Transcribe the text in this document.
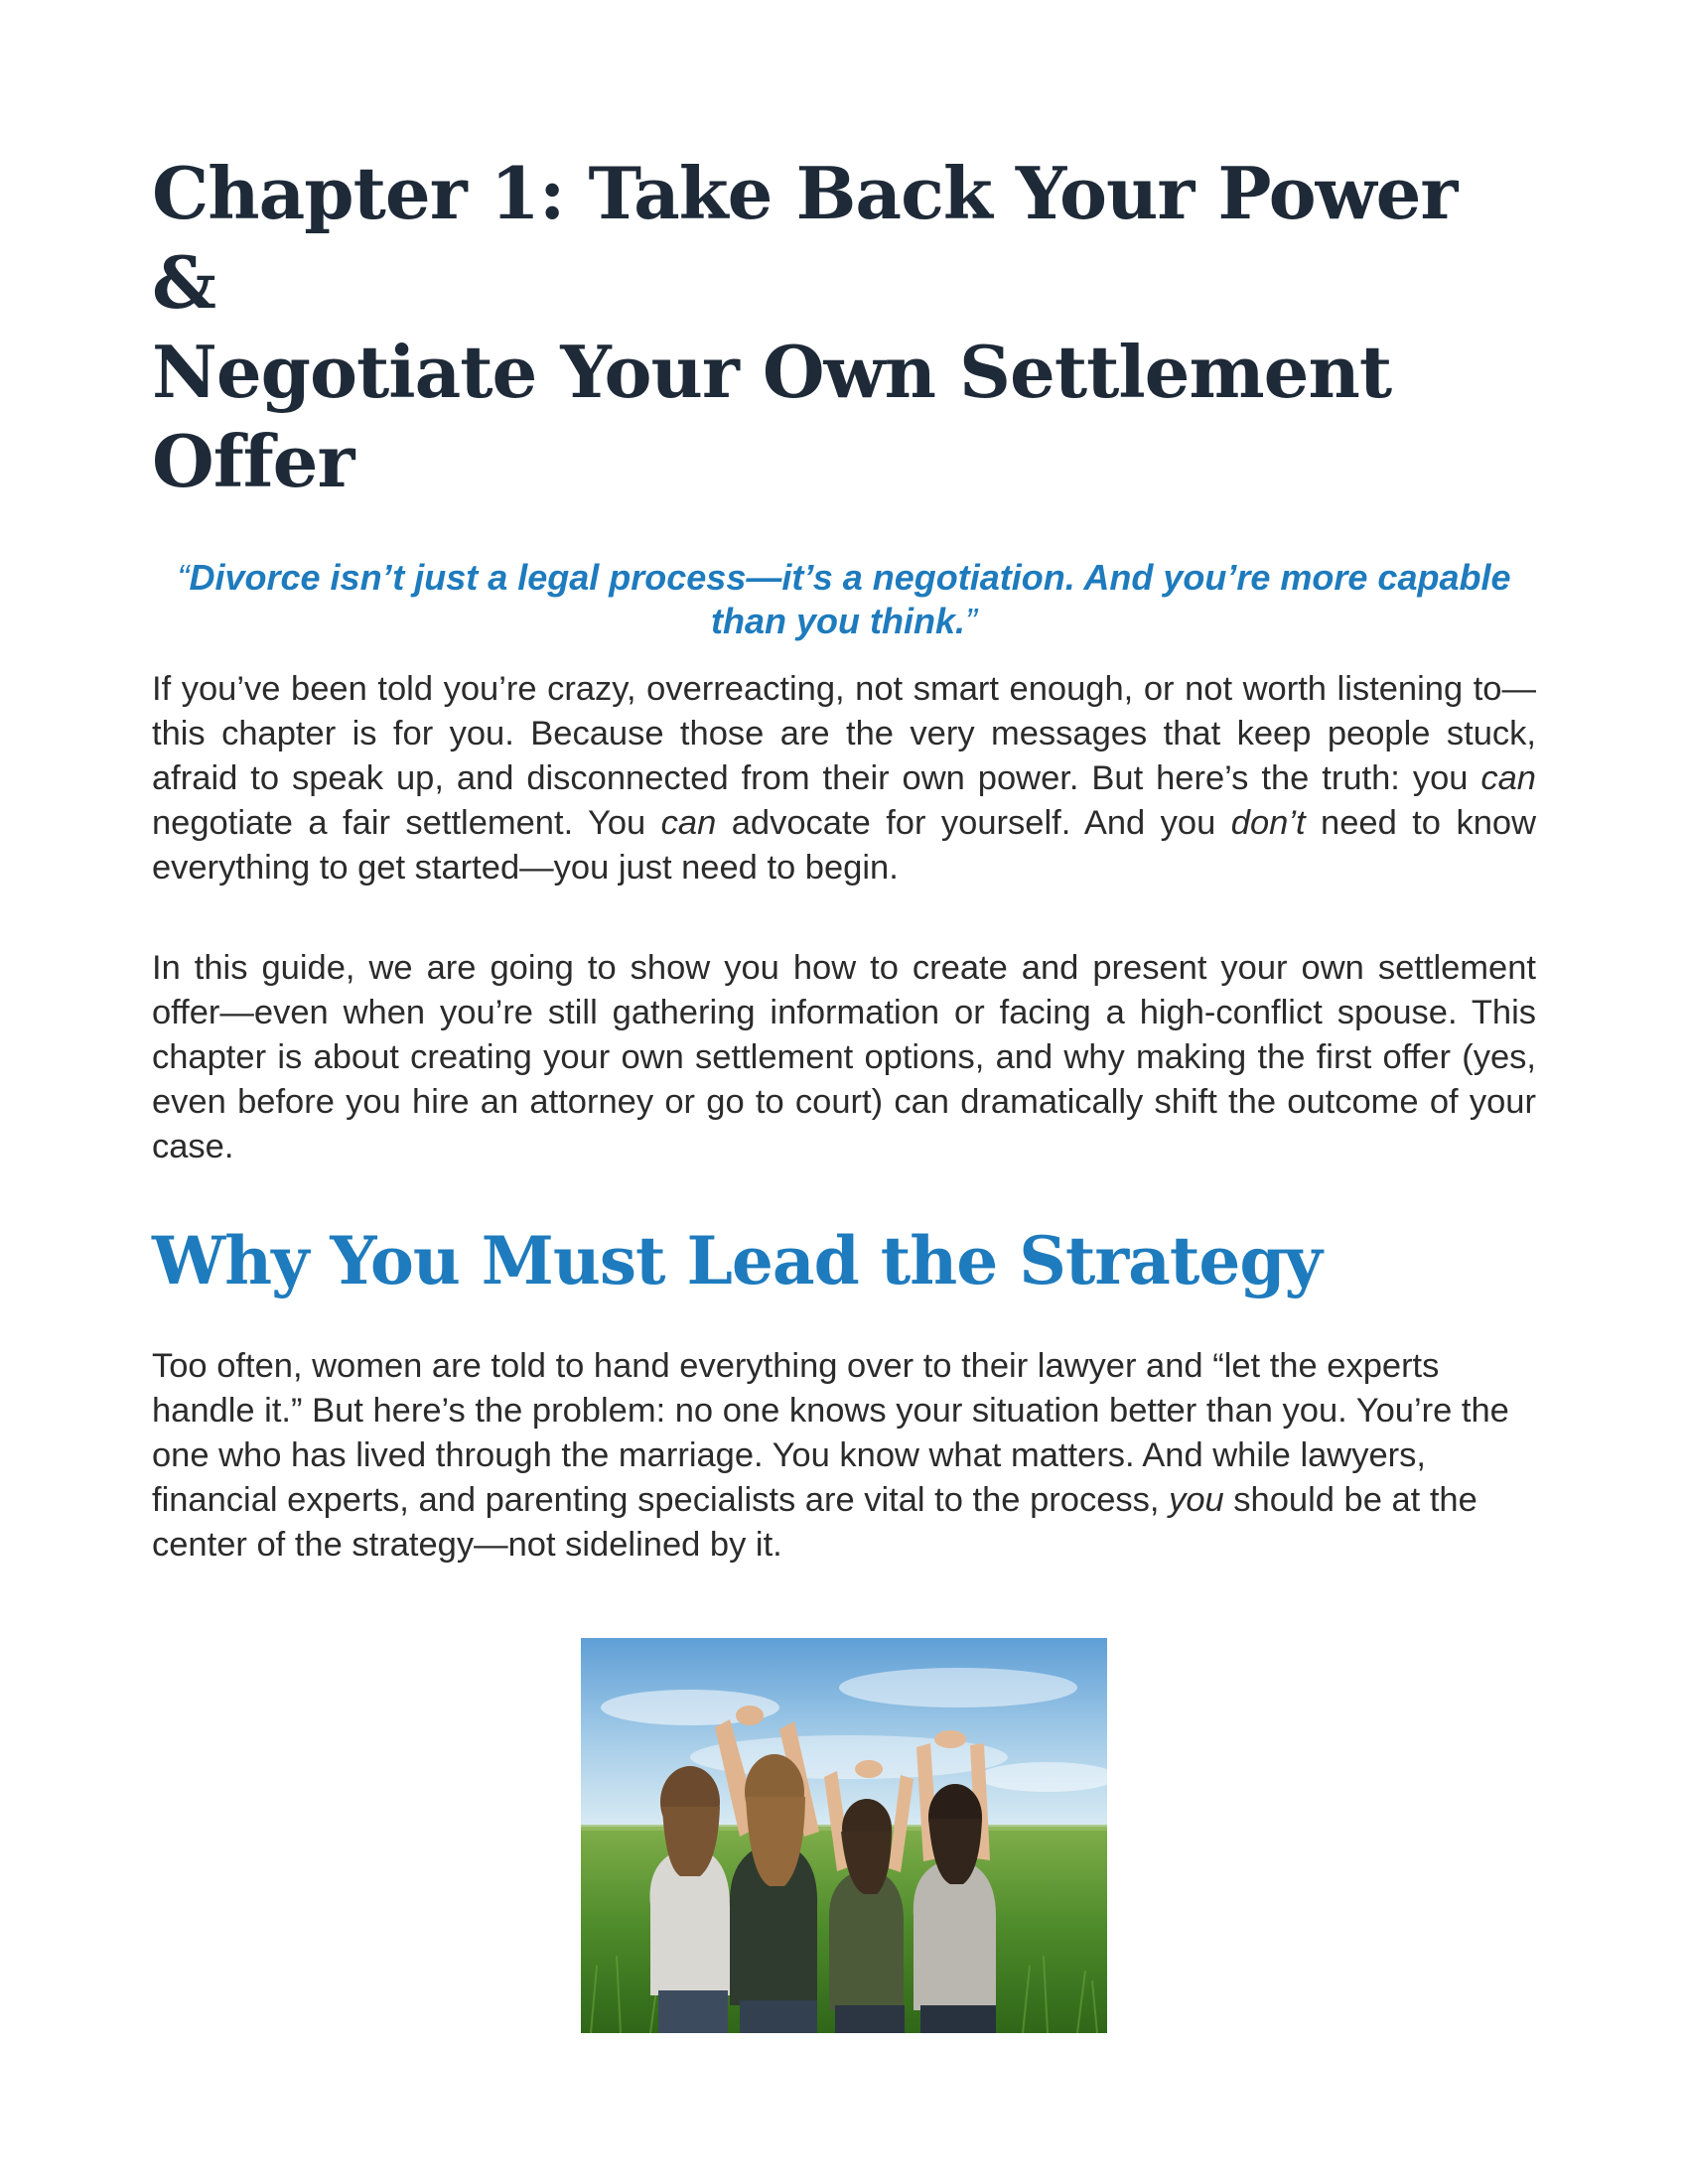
Chapter 1: Take Back Your Power &
Negotiate Your Own Settlement Offer
“Divorce isn’t just a legal process—it’s a negotiation. And you’re more capable than you think.”

If you’ve been told you’re crazy, overreacting, not smart enough, or not worth listening to—this chapter is for you. Because those are the very messages that keep people stuck, afraid to speak up, and disconnected from their own power. But here’s the truth: you can negotiate a fair settlement. You can advocate for yourself. And you don’t need to know everything to get started—you just need to begin.

In this guide, we are going to show you how to create and present your own settlement offer—even when you’re still gathering information or facing a high-conflict spouse. This chapter is about creating your own settlement options, and why making the first offer (yes, even before you hire an attorney or go to court) can dramatically shift the outcome of your case.

Why You Must Lead the Strategy

Too often, women are told to hand everything over to their lawyer and “let the experts handle it.” But here’s the problem: no one knows your situation better than you. You’re the one who has lived through the marriage. You know what matters. And while lawyers, financial experts, and parenting specialists are vital to the process, you should be at the center of the strategy—not sidelined by it.
